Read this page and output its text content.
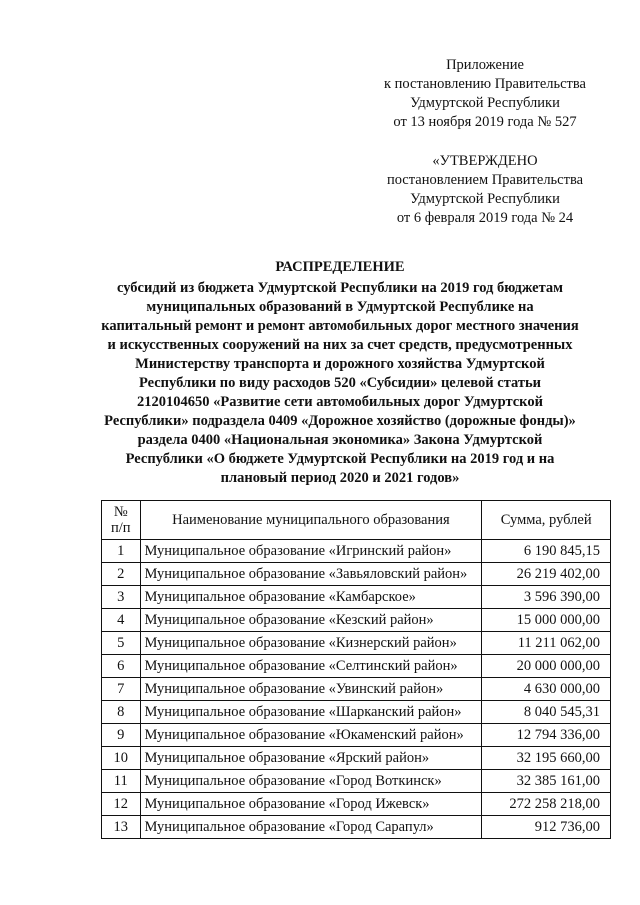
Приложение
к постановлению Правительства
Удмуртской Республики
от 13 ноября 2019 года № 527
«УТВЕРЖДЕНО
постановлением Правительства
Удмуртской Республики
от 6 февраля 2019 года № 24
РАСПРЕДЕЛЕНИЕ
субсидий из бюджета Удмуртской Республики на 2019 год бюджетам
муниципальных образований в Удмуртской Республике на
капитальный ремонт и ремонт автомобильных дорог местного значения
и искусственных сооружений на них за счет средств, предусмотренных
Министерству транспорта и дорожного хозяйства Удмуртской
Республики по виду расходов 520 «Субсидии» целевой статьи
2120104650 «Развитие сети автомобильных дорог Удмуртской
Республики» подраздела 0409 «Дорожное хозяйство (дорожные фонды)»
раздела 0400 «Национальная экономика» Закона Удмуртской
Республики «О бюджете Удмуртской Республики на 2019 год и на
плановый период 2020 и 2021 годов»
№
п/п	Наименование муниципального образования	Сумма, рублей
1	Муниципальное образование «Игринский район»	6 190 845,15
2	Муниципальное образование «Завьяловский район»	26 219 402,00
3	Муниципальное образование «Камбарское»	3 596 390,00
4	Муниципальное образование «Кезский район»	15 000 000,00
5	Муниципальное образование «Кизнерский район»	11 211 062,00
6	Муниципальное образование «Селтинский район»	20 000 000,00
7	Муниципальное образование «Увинский район»	4 630 000,00
8	Муниципальное образование «Шарканский район»	8 040 545,31
9	Муниципальное образование «Юкаменский район»	12 794 336,00
10	Муниципальное образование «Ярский район»	32 195 660,00
11	Муниципальное образование «Город Воткинск»	32 385 161,00
12	Муниципальное образование «Город Ижевск»	272 258 218,00
13	Муниципальное образование «Город Сарапул»	912 736,00
